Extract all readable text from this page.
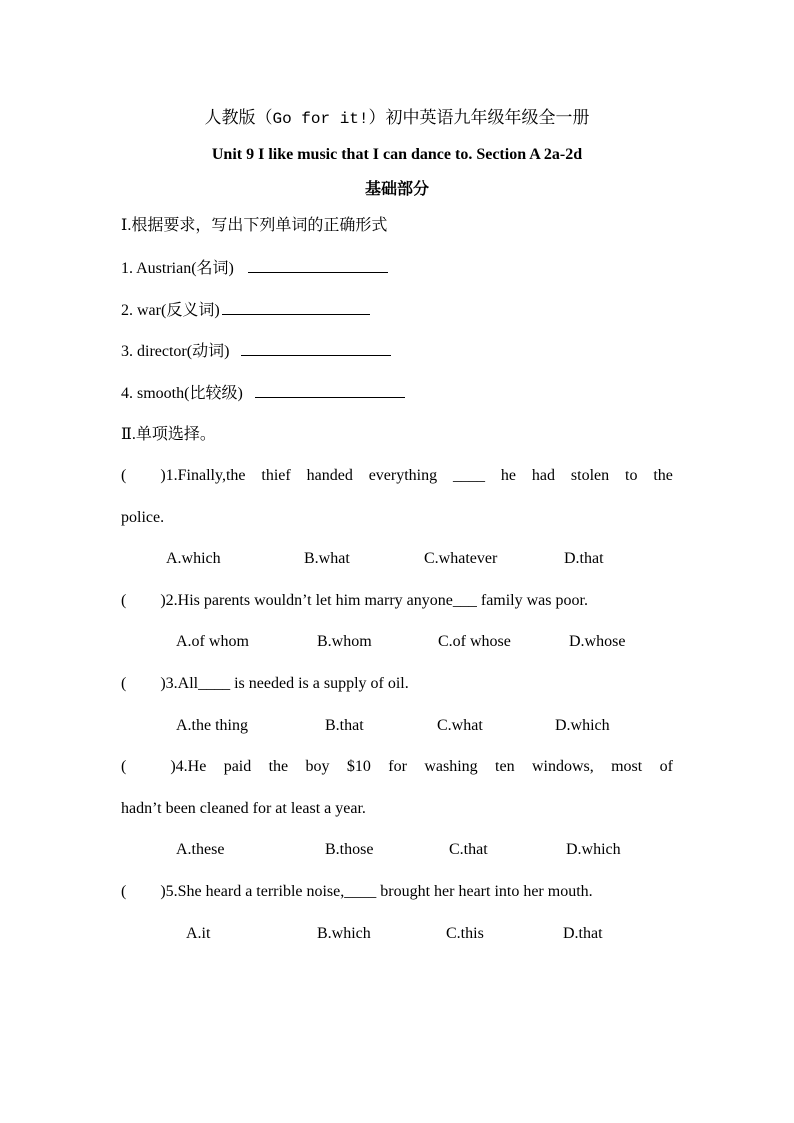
人教版（Go for it!）初中英语九年级年级全一册
Unit 9 I like music that I can dance to. Section A 2a-2d
基础部分
Ⅰ.根据要求，写出下列单词的正确形式
1. Austrian(名词)
2. war(反义词)
3. director(动词)
4. smooth(比较级)
Ⅱ.单项选择。
( )1.Finally,the thief handed everything ____ he had stolen to the
police.
A.which	B.what	C.whatever	D.that
( )2.His parents wouldn’t let him marry anyone___ family was poor.
A.of whom	B.whom	C.of whose	D.whose
( )3.All____ is needed is a supply of oil.
A.the thing	B.that	C.what	D.which
(	)4.He paid the boy $10 for washing ten windows, most of
hadn’t been cleaned for at least a year.
A.these	B.those	C.that	D.which
( )5.She heard a terrible noise,____ brought her heart into her mouth.
A.it	B.which	C.this	D.that
